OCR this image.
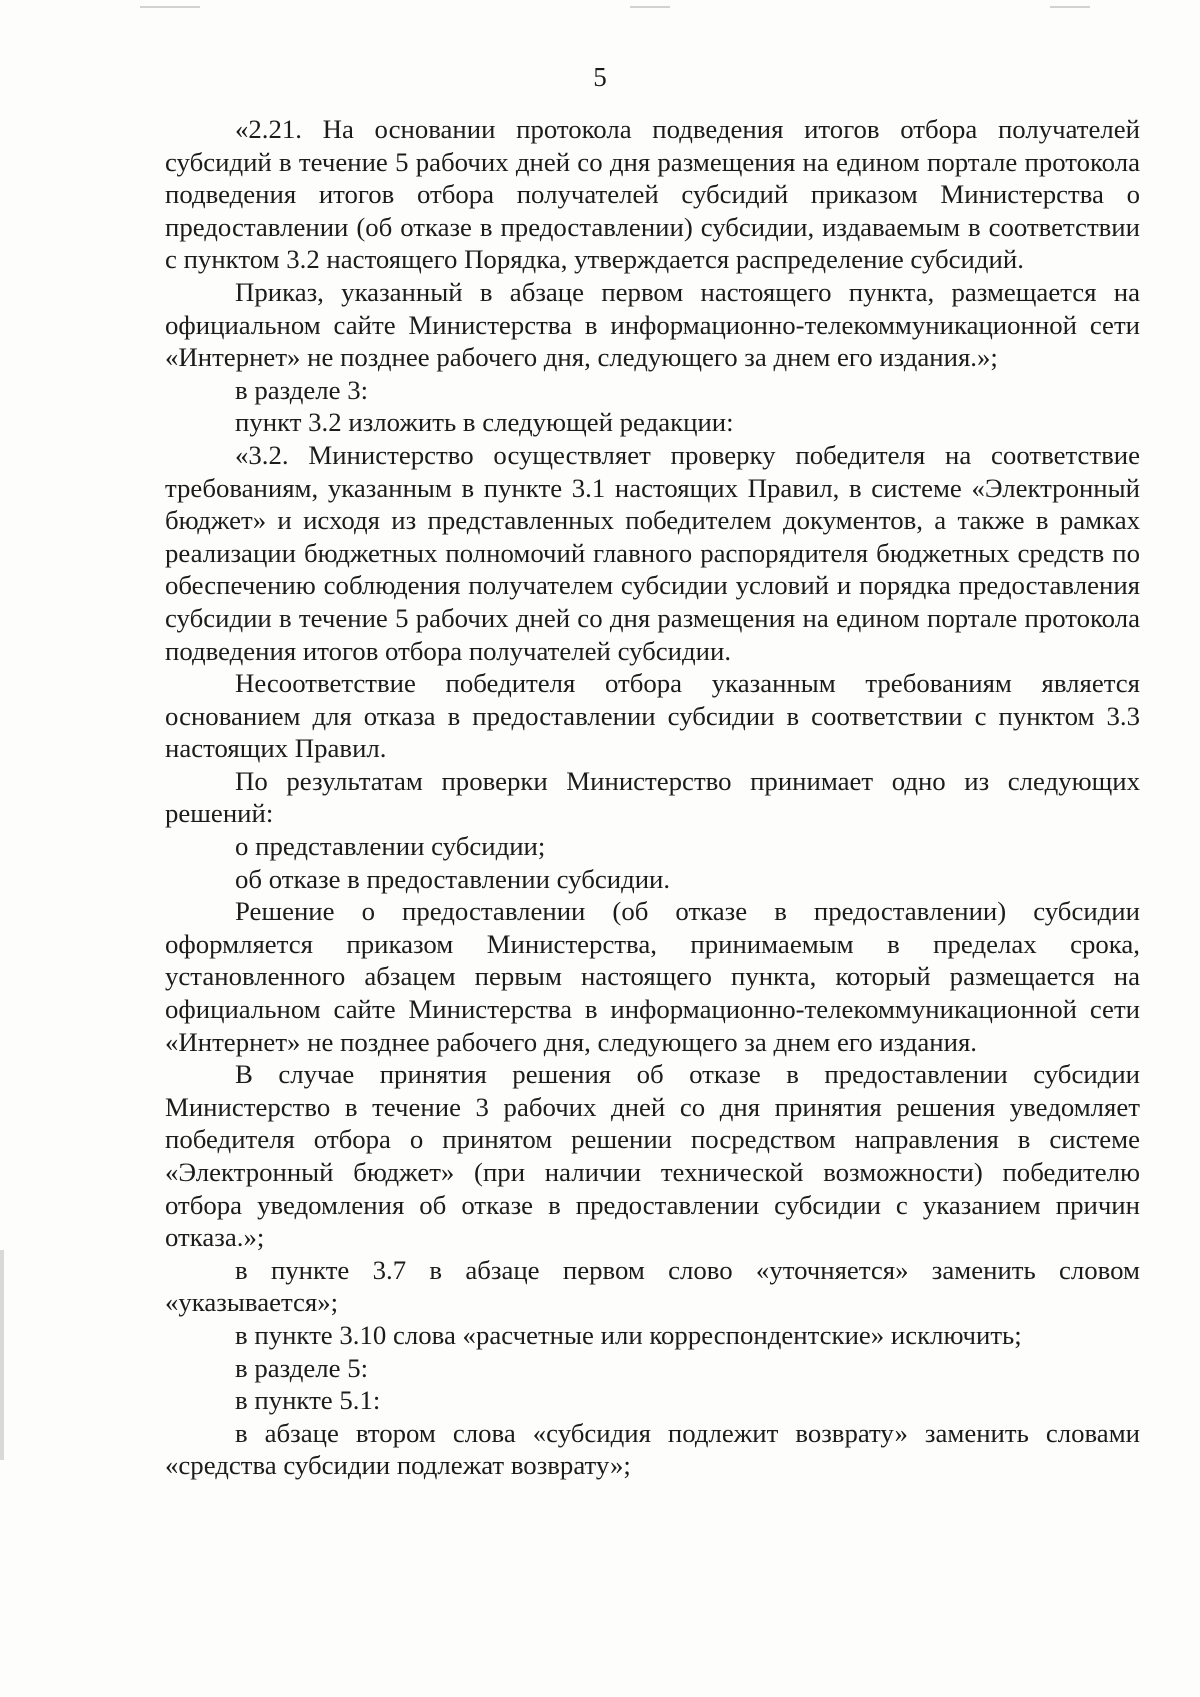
5

«2.21. На основании протокола подведения итогов отбора получателей субсидий в течение 5 рабочих дней со дня размещения на едином портале протокола подведения итогов отбора получателей субсидий приказом Министерства о предоставлении (об отказе в предоставлении) субсидии, издаваемым в соответствии с пунктом 3.2 настоящего Порядка, утверждается распределение субсидий.

Приказ, указанный в абзаце первом настоящего пункта, размещается на официальном сайте Министерства в информационно-телекоммуникационной сети «Интернет» не позднее рабочего дня, следующего за днем его издания.»;

в разделе 3:

пункт 3.2 изложить в следующей редакции:

«3.2. Министерство осуществляет проверку победителя на соответствие требованиям, указанным в пункте 3.1 настоящих Правил, в системе «Электронный бюджет» и исходя из представленных победителем документов, а также в рамках реализации бюджетных полномочий главного распорядителя бюджетных средств по обеспечению соблюдения получателем субсидии условий и порядка предоставления субсидии в течение 5 рабочих дней со дня размещения на едином портале протокола подведения итогов отбора получателей субсидии.

Несоответствие победителя отбора указанным требованиям является основанием для отказа в предоставлении субсидии в соответствии с пунктом 3.3 настоящих Правил.

По результатам проверки Министерство принимает одно из следующих решений:

о представлении субсидии;

об отказе в предоставлении субсидии.

Решение о предоставлении (об отказе в предоставлении) субсидии оформляется приказом Министерства, принимаемым в пределах срока, установленного абзацем первым настоящего пункта, который размещается на официальном сайте Министерства в информационно-телекоммуникационной сети «Интернет» не позднее рабочего дня, следующего за днем его издания.

В случае принятия решения об отказе в предоставлении субсидии Министерство в течение 3 рабочих дней со дня принятия решения уведомляет победителя отбора о принятом решении посредством направления в системе «Электронный бюджет» (при наличии технической возможности) победителю отбора уведомления об отказе в предоставлении субсидии с указанием причин отказа.»;

в пункте 3.7 в абзаце первом слово «уточняется» заменить словом «указывается»;

в пункте 3.10 слова «расчетные или корреспондентские» исключить;

в разделе 5:

в пункте 5.1:

в абзаце втором слова «субсидия подлежит возврату» заменить словами «средства субсидии подлежат возврату»;
